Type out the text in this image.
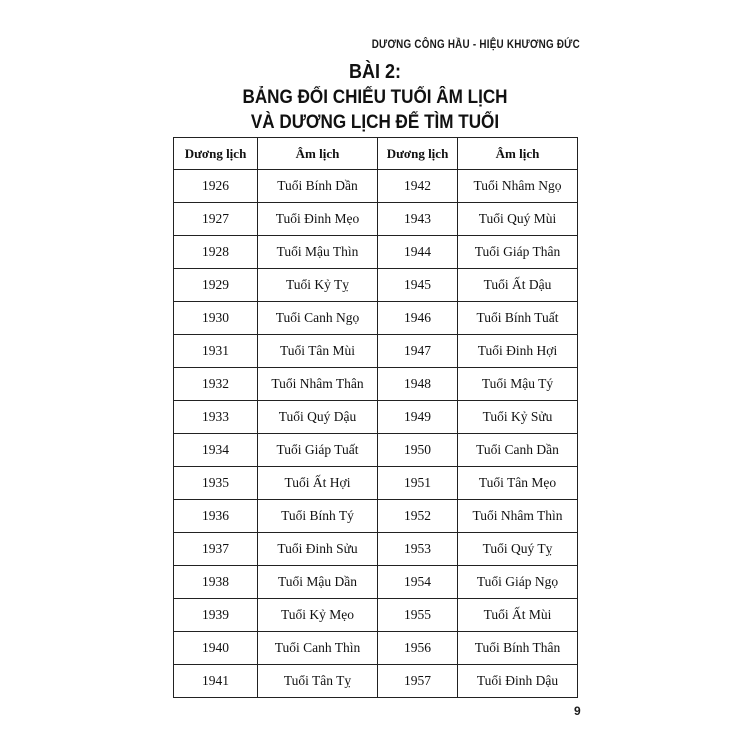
DƯƠNG CÔNG HẦU - HIỆU KHƯƠNG ĐỨC
BÀI 2:
BẢNG ĐỐI CHIẾU TUỔI ÂM LỊCH
VÀ DƯƠNG LỊCH ĐỂ TÌM TUỔI
Dương lịch	Âm lịch	Dương lịch	Âm lịch
1926	Tuổi Bính Dần	1942	Tuổi Nhâm Ngọ
1927	Tuổi Đinh Mẹo	1943	Tuổi Quý Mùi
1928	Tuổi Mậu Thìn	1944	Tuổi Giáp Thân
1929	Tuổi Kỷ Tỵ	1945	Tuổi Ất Dậu
1930	Tuổi Canh Ngọ	1946	Tuổi Bính Tuất
1931	Tuổi Tân Mùi	1947	Tuổi Đinh Hợi
1932	Tuổi Nhâm Thân	1948	Tuổi Mậu Tý
1933	Tuổi Quý Dậu	1949	Tuổi Kỷ Sửu
1934	Tuổi Giáp Tuất	1950	Tuổi Canh Dần
1935	Tuổi Ất Hợi	1951	Tuổi Tân Mẹo
1936	Tuổi Bính Tý	1952	Tuổi Nhâm Thìn
1937	Tuổi Đinh Sửu	1953	Tuổi Quý Tỵ
1938	Tuổi Mậu Dần	1954	Tuổi Giáp Ngọ
1939	Tuổi Kỷ Mẹo	1955	Tuổi Ất Mùi
1940	Tuổi Canh Thìn	1956	Tuổi Bính Thân
1941	Tuổi Tân Tỵ	1957	Tuổi Đinh Dậu
9
